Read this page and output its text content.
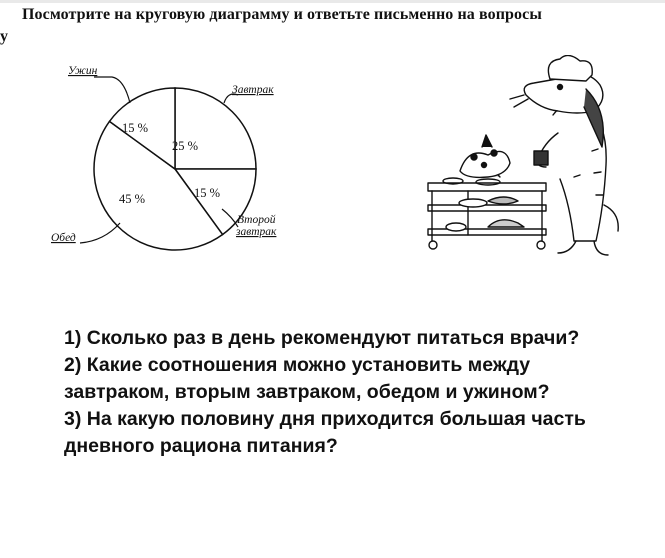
у
Посмотрите на круговую диаграмму и ответьте письменно на вопросы
25 %
15 %
45 %
15 %
Ужин
Завтрак
Второй
завтрак
Обед

1) Сколько раз в день рекомендуют питаться врачи?

2) Какие соотношения можно установить между завтраком, вторым завтраком, обедом и ужином?

3) На какую половину дня приходится большая часть дневного рациона питания?
